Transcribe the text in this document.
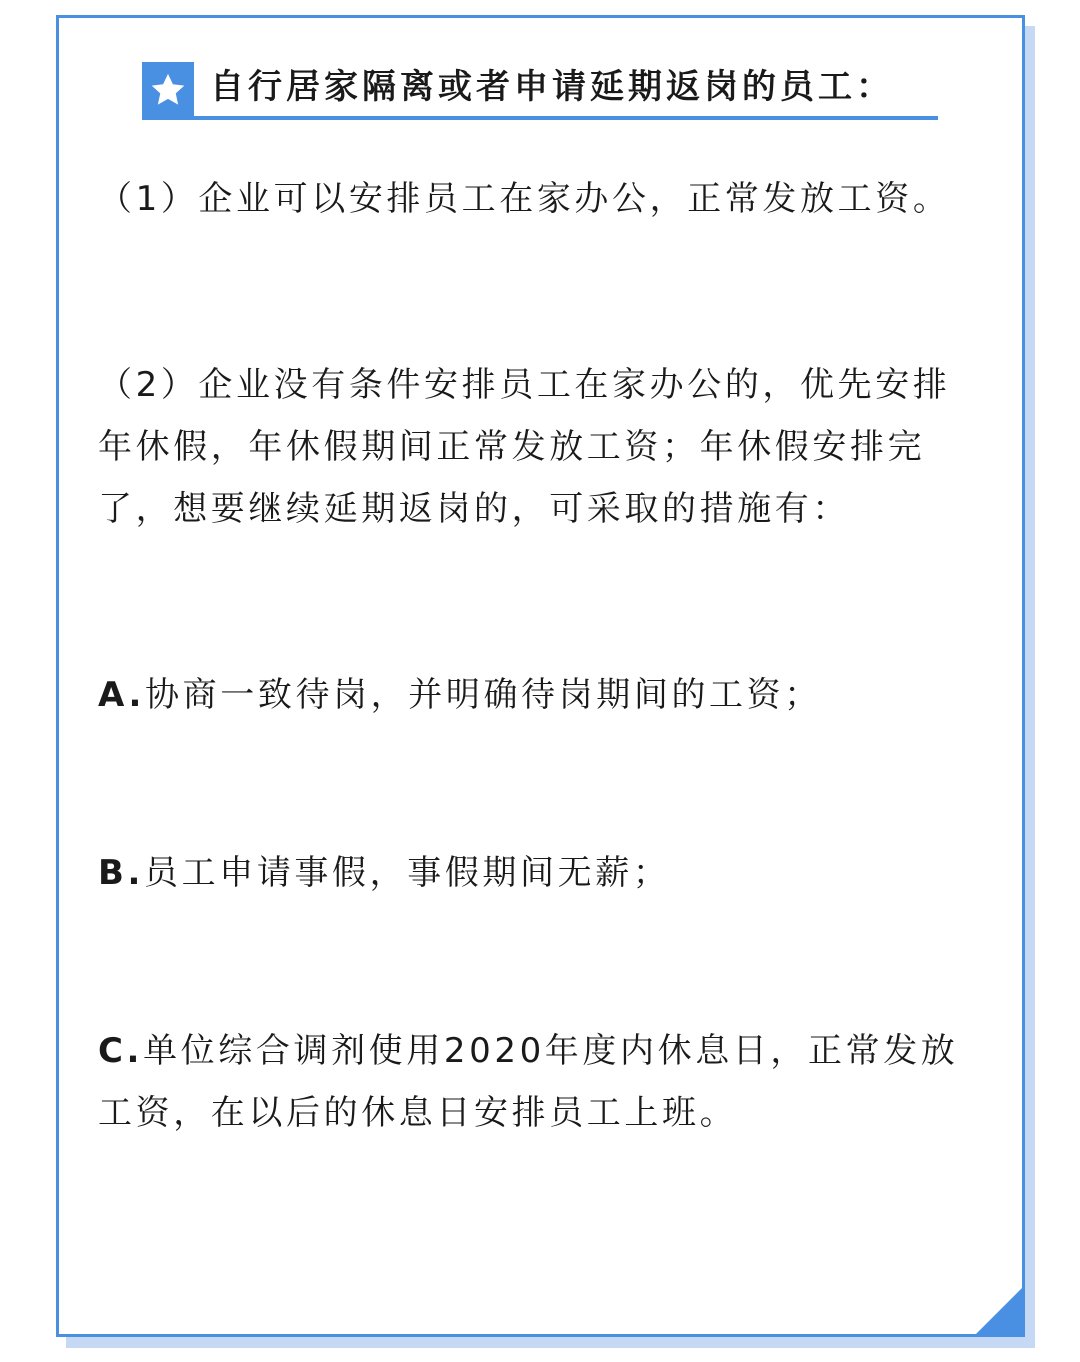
自行居家隔离或者申请延期返岗的员工：

（1）企业可以安排员工在家办公，正常发放工资。

（2）企业没有条件安排员工在家办公的，优先安排年休假，年休假期间正常发放工资；年休假安排完了，想要继续延期返岗的，可采取的措施有：

A.协商一致待岗，并明确待岗期间的工资；

B.员工申请事假，事假期间无薪；

C.单位综合调剂使用2020年度内休息日，正常发放工资，在以后的休息日安排员工上班。
